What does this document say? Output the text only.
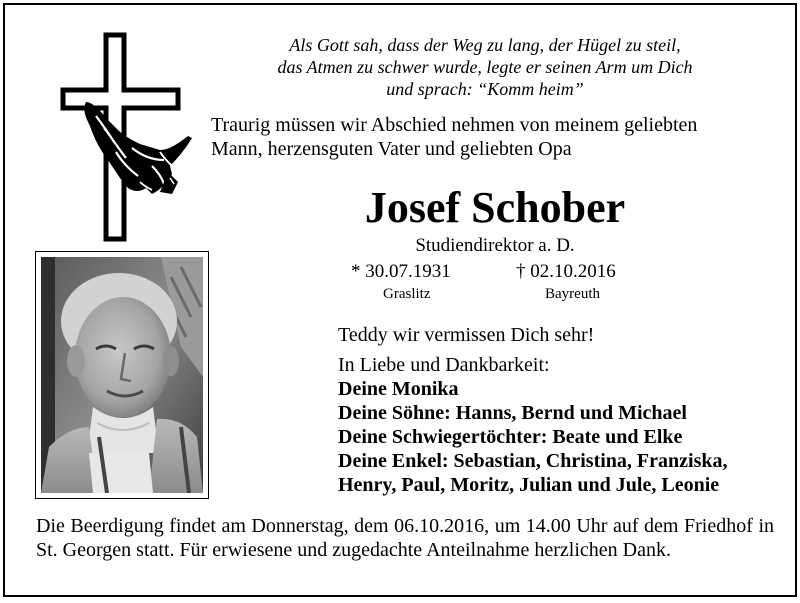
Als Gott sah, dass der Weg zu lang, der Hügel zu steil,
das Atmen zu schwer wurde, legte er seinen Arm um Dich
und sprach: “Komm heim”
Traurig müssen wir Abschied nehmen von meinem geliebten
Mann, herzensguten Vater und geliebten Opa
Josef Schober
Studiendirektor a. D.
* 30.07.1931	† 02.10.2016
Graslitz	Bayreuth
Teddy wir vermissen Dich sehr!
In Liebe und Dankbarkeit:
Deine Monika
Deine Söhne: Hanns, Bernd und Michael
Deine Schwiegertöchter: Beate und Elke
Deine Enkel: Sebastian, Christina, Franziska,
Henry, Paul, Moritz, Julian und Jule, Leonie
Die Beerdigung findet am Donnerstag, dem 06.10.2016, um 14.00 Uhr auf dem Friedhof in St. Georgen statt. Für erwiesene und zugedachte Anteilnahme herzlichen Dank.
